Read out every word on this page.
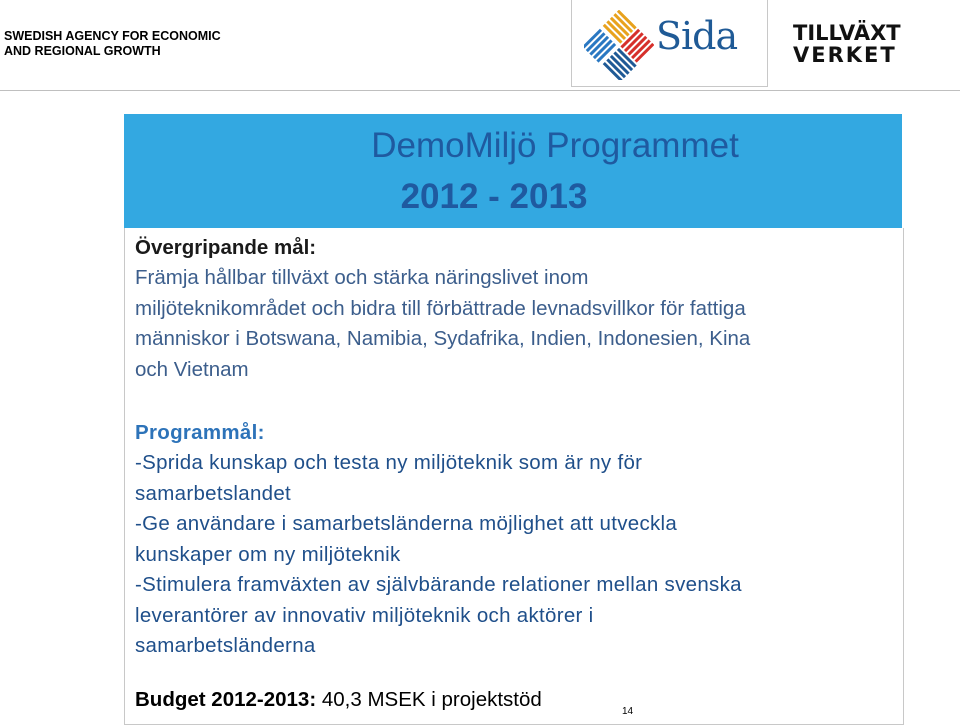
SWEDISH AGENCY FOR ECONOMIC
AND REGIONAL GROWTH	Sida	TILLVÄXT
VERKET
DemoMiljö Programmet
2012 - 2013
Övergripande mål:
Främja hållbar tillväxt och stärka näringslivet inom
miljöteknikområdet och bidra till förbättrade levnadsvillkor för fattiga
människor i Botswana, Namibia, Sydafrika, Indien, Indonesien, Kina
och Vietnam
Programmål:
-Sprida kunskap och testa ny miljöteknik som är ny för
samarbetslandet
-Ge användare i samarbetsländerna möjlighet att utveckla
kunskaper om ny miljöteknik
-Stimulera framväxten av självbärande relationer mellan svenska
leverantörer av innovativ miljöteknik och aktörer i
samarbetsländerna
Budget 2012-2013: 40,3 MSEK i projektstöd
14
